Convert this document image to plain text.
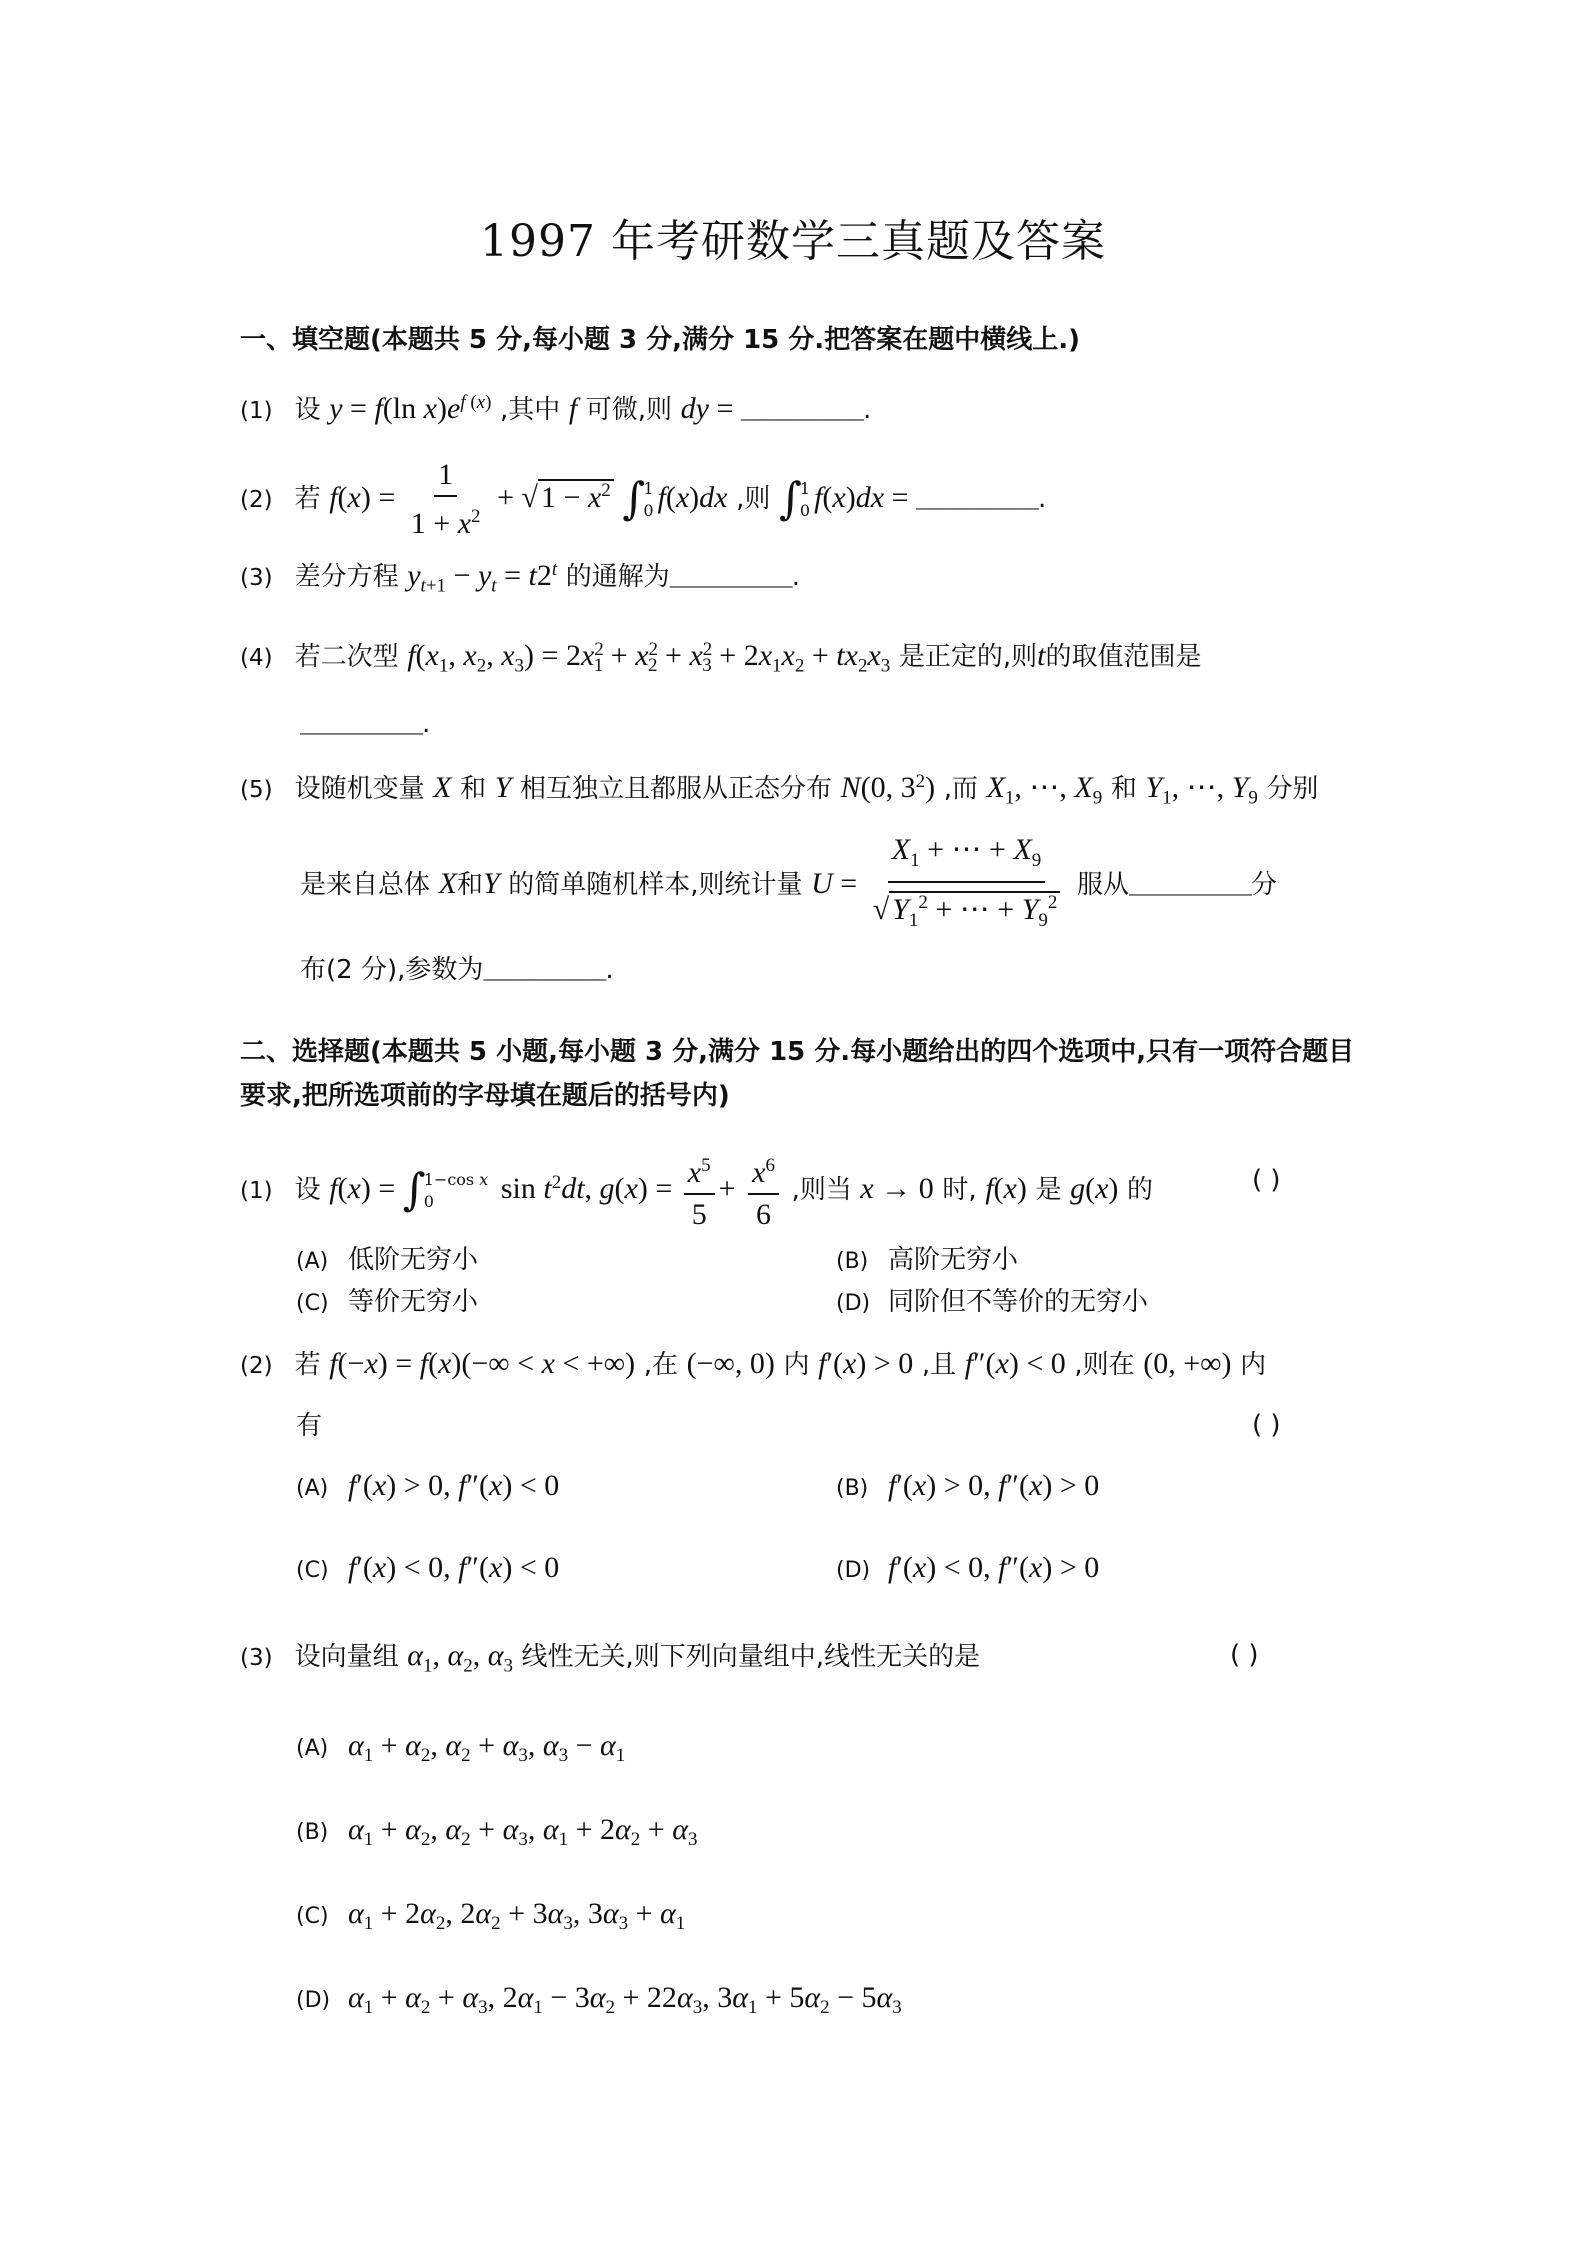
1997 年考研数学三真题及答案
一、填空题(本题共 5 分,每小题 3 分,满分 15 分.把答案在题中横线上.)
(1) 设 y = f(ln $x)e^{f (x)}$ ,其中 f 可微,则 dy = __________.
(2) 若 $f(x) = \frac{1}{1 + x^2}$ + √ $1 - x^2$ ∫
1
0 f(x)dx ,则 ∫
1
0 f(x)dx = __________.
(3) 差分方程 $y_{t+1} - y_t = t2^t$ 的通解为__________.
(4) 若二次型 $f(x_1$, $x_2$, $x_3) = 2x^2_1 + x^2_2 + x^2_3 + 2x_1x_2 + tx_2x_3$ 是正定的,则t的取值范围是
__________.
(5) 设随机变量 X 和 Y 相互独立且都服从正态分布 N(0, $3^2$) ,而 $X_1$, ⋯, $X_9$ 和 $Y_1$, ⋯, $Y_9$ 分别
是来自总体 X和Y 的简单随机样本,则统计量 $U = \frac{X_1 + \cdots + X_9}{√ Y_1^2 + \cdots + Y_9^2}$ 服从__________分
布(2 分),参数为__________.
二、选择题(本题共 5 小题,每小题 3 分,满分 15 分.每小题给出的四个选项中,只有一项符合题目要求,把所选项前的字母填在题后的括号内)
(1) 设 f(x) = ∫
1−cos x
0	$\sin t^2dt$, $g(x) = \frac{x^5}{5} + \frac{x^6}{6}$ ,则当 x → 0 时, f(x) 是 g(x) 的	( )
(A) 低阶无穷小	(B) 高阶无穷小
(C) 等价无穷小	(D) 同阶但不等价的无穷小
(2) 若 f(−x) = f(x)(−∞ < x < +∞) ,在 (−∞, 0) 内 f′(x) > 0 ,且 f″(x) < 0 ,则在 (0, +∞) 内
有	( )
(A) f′(x) > 0, f″(x) < 0	(B) f′(x) > 0, f″(x) > 0
(C) f′(x) < 0, f″(x) < 0	(D) f′(x) < 0, f″(x) > 0
(3) 设向量组 $\alpha_1$, $\alpha_2$, $\alpha_3$ 线性无关,则下列向量组中,线性无关的是	( )
(A) $\alpha_1 + \alpha_2$, $\alpha_2 + \alpha_3$, $\alpha_3 - \alpha_1$
(B) $\alpha_1 + \alpha_2$, $\alpha_2 + \alpha_3$, $\alpha_1 + 2\alpha_2 + \alpha_3$
(C) $\alpha_1 + 2\alpha_2$, $2\alpha_2 + 3\alpha_3$, $3\alpha_3 + \alpha_1$
(D) $\alpha_1 + \alpha_2 + \alpha_3$, $2\alpha_1 - 3\alpha_2 + 22\alpha_3$, $3\alpha_1 + 5\alpha_2 - 5\alpha_3$
